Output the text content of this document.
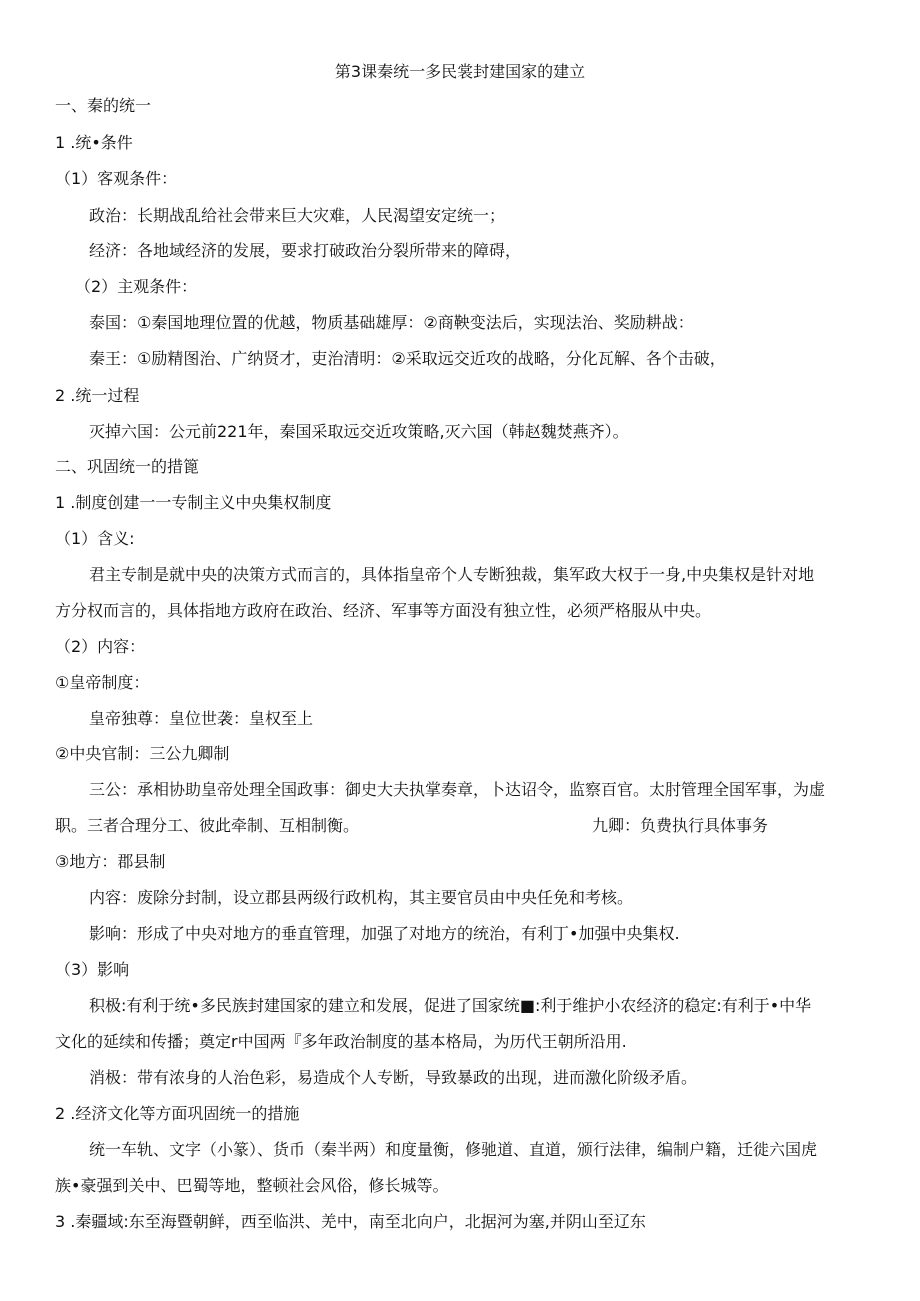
第3课秦统一多民裳封建国家的建立
一、秦的统一
1 .统•条件
（1）客观条件：
政治：长期战乱给社会带来巨大灾难，人民渴望安定统一；
经济：各地域经济的发展，要求打破政治分裂所带来的障碍，
（2）主观条件：
泰国：①秦国地理位置的优越，物质基础雄厚：②商鞅变法后，实现法治、奖励耕战：
秦王：①励精图治、广纳贤才，吏治清明：②采取远交近攻的战略，分化瓦解、各个击破，
2 .统一过程
灭掉六国：公元前221年，秦国采取远交近攻策略,灭六国（韩赵魏焚燕齐）。
二、巩固统一的措篦
1 .制度创建一一专制主义中央集权制度
（1）含义:
君主专制是就中央的决策方式而言的，具体指皇帝个人专断独裁，集军政大权于一身,中央集权是针对地
方分权而言的，具体指地方政府在政治、经济、军事等方面没有独立性，必须严格服从中央。
（2）内容：
①皇帝制度：
皇帝独尊：皇位世袭：皇权至上
②中央官制：三公九卿制
三公：承相协助皇帝处理全国政事：御史大夫执掌奏章，卜达诏令，监察百官。太肘管理全国军事，为虚
职。三者合理分工、彼此牵制、互相制衡。	九卿：负费执行具体事务
③地方：郡县制
内容：废除分封制，设立郡县两级行政机构，其主要官员由中央任免和考核。
影响：形成了中央对地方的垂直管理，加强了对地方的统治，有利丁•加强中央集权.
（3）影响
积极:有利于统•多民族封建国家的建立和发展，促进了国家统■:利于维护小农经济的稳定:有利于•中华
文化的延续和传播；奠定r中国两『多年政治制度的基本格局，为历代王朝所沿用.
消极：带有浓身的人治色彩，易造成个人专断，导致暴政的出现，进而激化阶级矛盾。
2 .经济文化等方面巩固统一的措施
统一车轨、文字（小篆）、货币（秦半两）和度量衡，修驰道、直道，颁行法律，编制户籍，迁徙六国虎
族•豪强到关中、巴蜀等地，整顿社会风俗，修长城等。
3 .秦疆域:东至海暨朝鲜，西至临洪、羌中，南至北向户，北据河为塞,并阴山至辽东
